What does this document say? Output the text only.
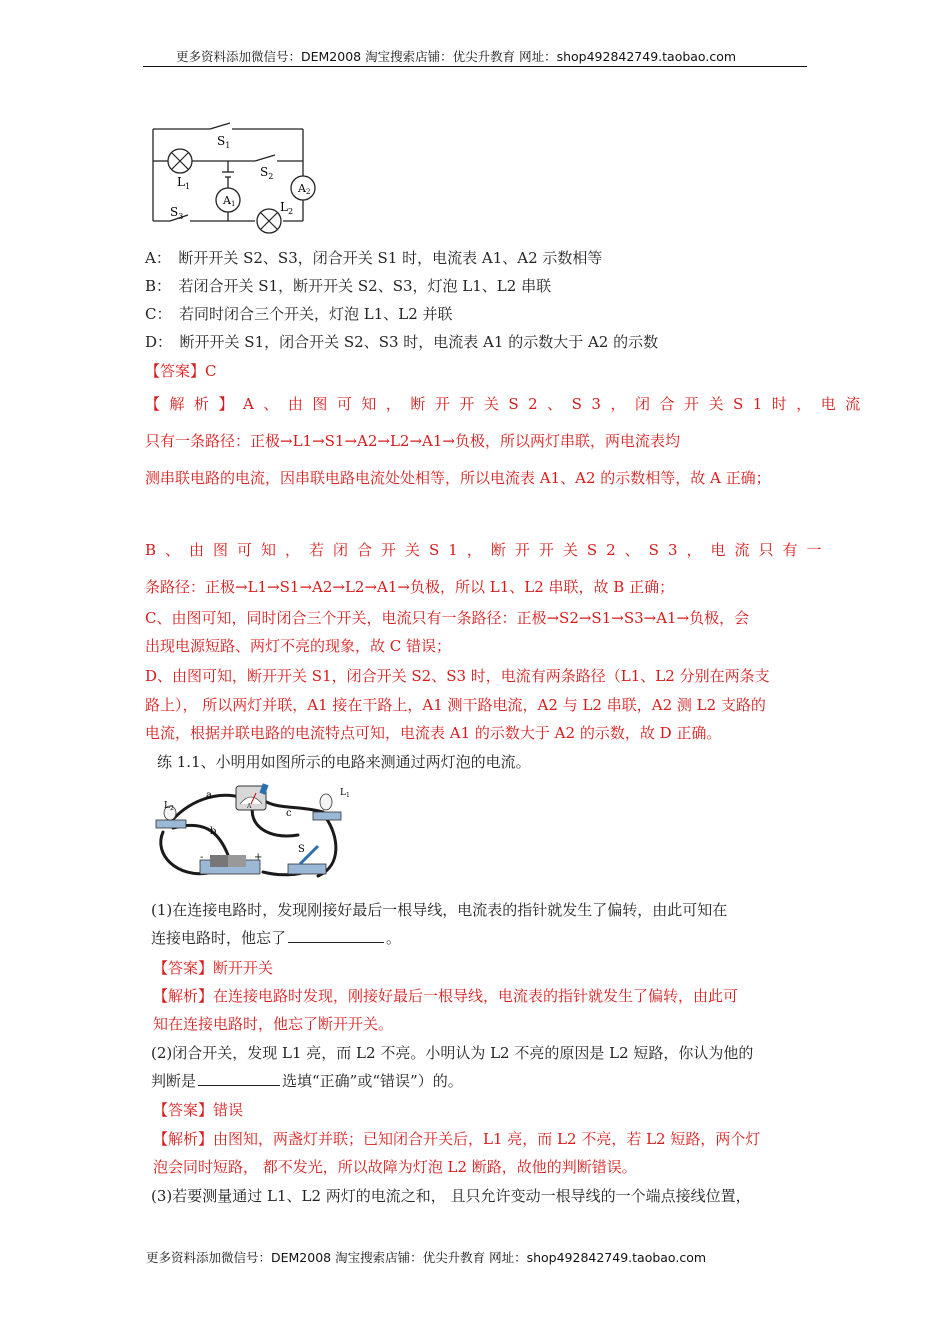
更多资料添加微信号：DEM2008 淘宝搜索店铺：优尖升教育 网址：shop492842749.taobao.com
$S_1$
$S_2$
$S_3$
$L_1$
$L_2$
A1
A2
A：　断开开关 S2、S3，闭合开关 S1 时，电流表 A1、A2 示数相等
B：　若闭合开关 S1，断开开关 S2、S3，灯泡 L1、L2 串联
C：　若同时闭合三个开关，灯泡 L1、L2 并联
D：　断开开关 S1，闭合开关 S2、S3 时，电流表 A1 的示数大于 A2 的示数
【答案】C
【解析】A、由图可知，断开开关S2、S3，闭合开关S1时，电流
只有一条路径：正极→L1→S1→A2→L2→A1→负极，所以两灯串联，两电流表均
测串联电路的电流，因串联电路电流处处相等，所以电流表 A1、A2 的示数相等，故 A 正确；
B、由图可知，若闭合开关S1，断开开关S2、S3，电流只有一
条路径：正极→L1→S1→A2→L2→A1→负极，所以 L1、L2 串联，故 B 正确；
C、由图可知，同时闭合三个开关，电流只有一条路径：正极→S2→S1→S3→A1→负极，会
出现电源短路、两灯不亮的现象，故 C 错误；
D、由图可知，断开开关 S1，闭合开关 S2、S3 时，电流有两条路径（L1、L2 分别在两条支
路上）， 所以两灯并联，A1 接在干路上，A1 测干路电流，A2 与 L2 串联，A2 测 L2 支路的
电流，根据并联电路的电流特点可知，电流表 A1 的示数大于 A2 的示数，故 D 正确。
练 1.1、小明用如图所示的电路来测通过两灯泡的电流。
A
-	+
a
b
c
S
$L_2$
$L_1$
(1)在连接电路时，发现刚接好最后一根导线，电流表的指针就发生了偏转，由此可知在
连接电路时，他忘了	。
【答案】断开开关
【解析】在连接电路时发现，刚接好最后一根导线，电流表的指针就发生了偏转，由此可
知在连接电路时，他忘了断开开关。
(2)闭合开关，发现 L1 亮，而 L2 不亮。小明认为 L2 不亮的原因是 L2 短路，你认为他的
判断是	选填“正确”或“错误”）的。
【答案】错误
【解析】由图知，两盏灯并联；已知闭合开关后，L1 亮，而 L2 不亮，若 L2 短路，两个灯
泡会同时短路， 都不发光，所以故障为灯泡 L2 断路，故他的判断错误。
(3)若要测量通过 L1、L2 两灯的电流之和， 且只允许变动一根导线的一个端点接线位置，
更多资料添加微信号：DEM2008 淘宝搜索店铺：优尖升教育 网址：shop492842749.taobao.com
